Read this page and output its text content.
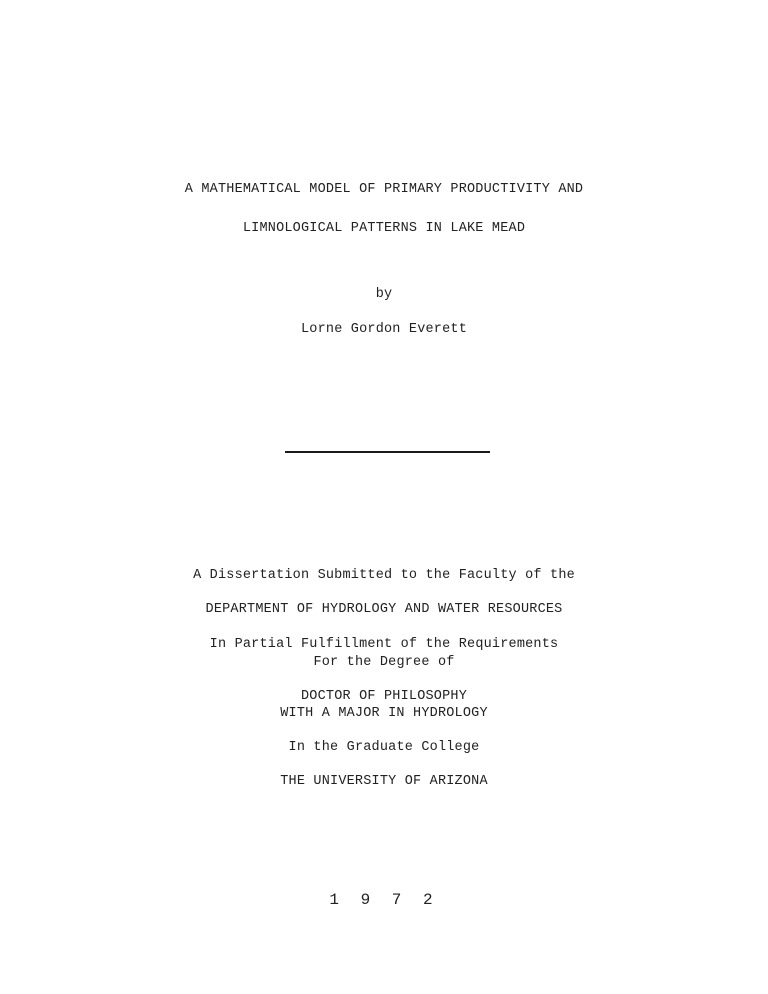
A MATHEMATICAL MODEL OF PRIMARY PRODUCTIVITY AND
LIMNOLOGICAL PATTERNS IN LAKE MEAD
by
Lorne Gordon Everett
A Dissertation Submitted to the Faculty of the
DEPARTMENT OF HYDROLOGY AND WATER RESOURCES
In Partial Fulfillment of the Requirements
For the Degree of
DOCTOR OF PHILOSOPHY
WITH A MAJOR IN HYDROLOGY
In the Graduate College
THE UNIVERSITY OF ARIZONA
1 9 7 2
